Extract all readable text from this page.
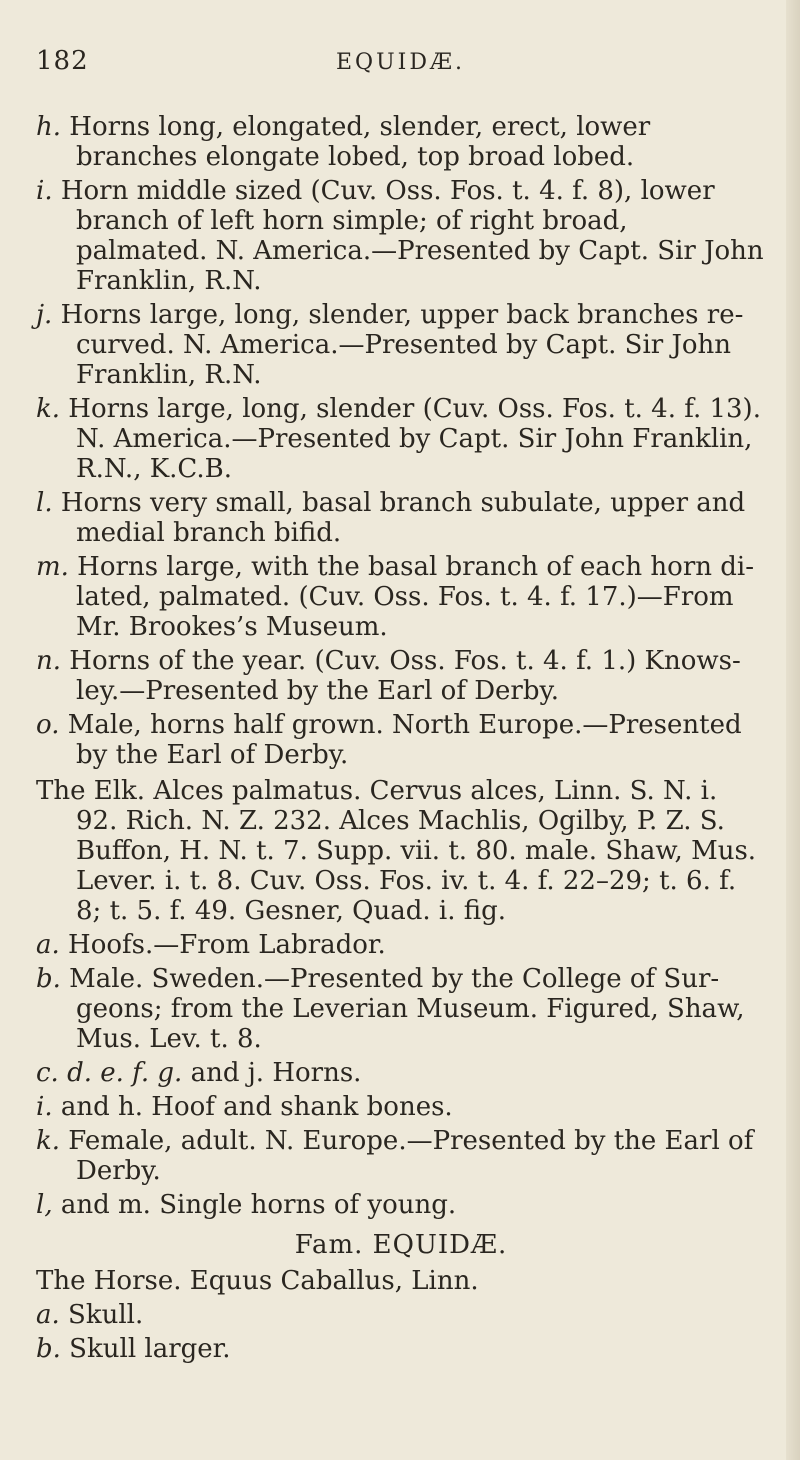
182	EQUIDÆ.

h. Horns long, elongated, slender, erect, lower branches elongate lobed, top broad lobed.

i. Horn middle sized (Cuv. Oss. Fos. t. 4. f. 8), lower branch of left horn simple; of right broad, palmated. N. America.—Presented by Capt. Sir John Franklin, R.N.

j. Horns large, long, slender, upper back branches re-curved. N. America.—Presented by Capt. Sir John Franklin, R.N.

k. Horns large, long, slender (Cuv. Oss. Fos. t. 4. f. 13). N. America.—Presented by Capt. Sir John Franklin, R.N., K.C.B.

l. Horns very small, basal branch subulate, upper and medial branch bifid.

m. Horns large, with the basal branch of each horn di-lated, palmated. (Cuv. Oss. Fos. t. 4. f. 17.)—From Mr. Brookes’s Museum.

n. Horns of the year. (Cuv. Oss. Fos. t. 4. f. 1.) Knows-ley.—Presented by the Earl of Derby.

o. Male, horns half grown. North Europe.—Presented by the Earl of Derby.

The Elk. Alces palmatus. Cervus alces, Linn. S. N. i. 92. Rich. N. Z. 232. Alces Machlis, Ogilby, P. Z. S. Buffon, H. N. t. 7. Supp. vii. t. 80. male. Shaw, Mus. Lever. i. t. 8. Cuv. Oss. Fos. iv. t. 4. f. 22–29; t. 6. f. 8; t. 5. f. 49. Gesner, Quad. i. fig.

a. Hoofs.—From Labrador.

b. Male. Sweden.—Presented by the College of Sur-geons; from the Leverian Museum. Figured, Shaw, Mus. Lev. t. 8.

c. d. e. f. g. and j. Horns.

i. and h. Hoof and shank bones.

k. Female, adult. N. Europe.—Presented by the Earl of Derby.

l, and m. Single horns of young.

Fam. EQUIDÆ.

The Horse. Equus Caballus, Linn.

a. Skull.

b. Skull larger.
